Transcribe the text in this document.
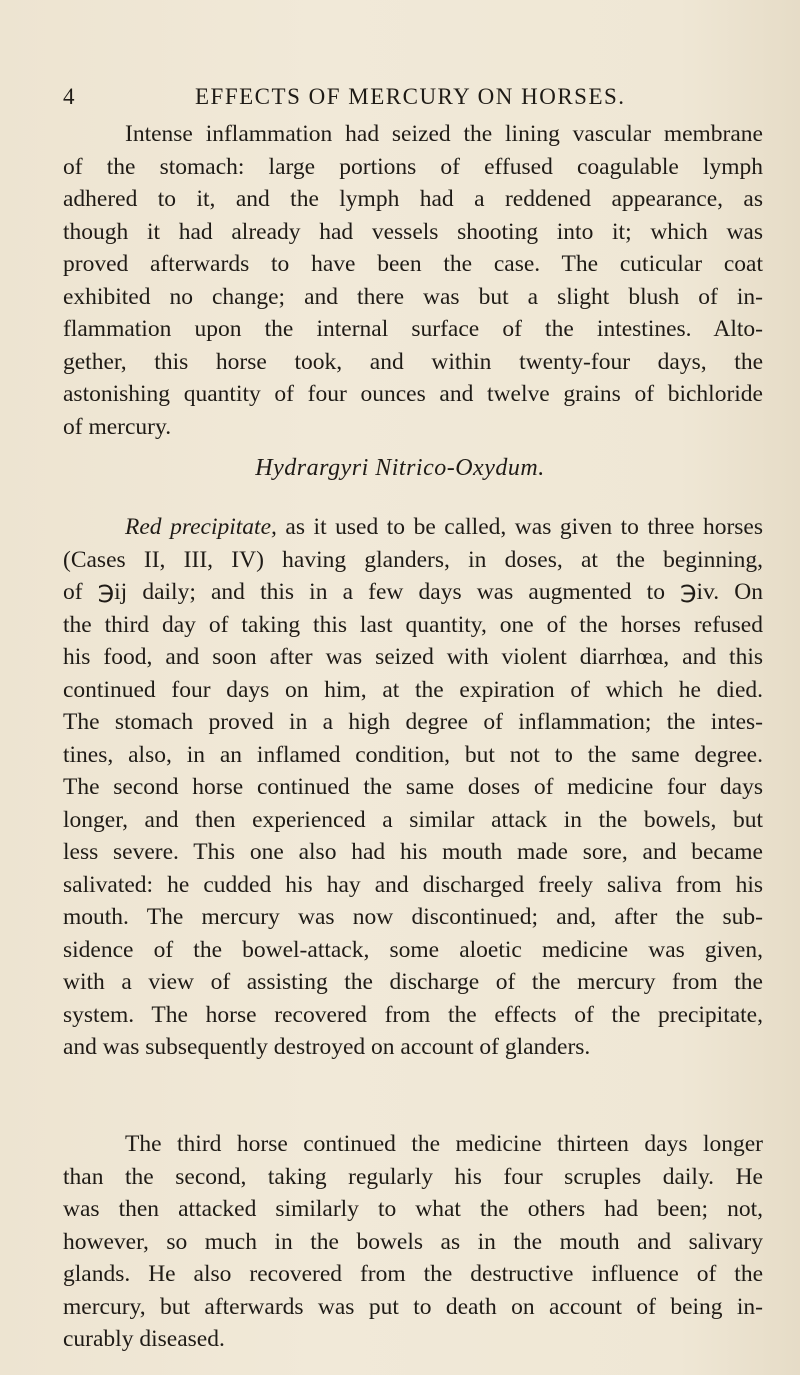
4	EFFECTS OF MERCURY ON HORSES.
Intense inflammation had seized the lining vascular membrane
of the stomach: large portions of effused coagulable lymph
adhered to it, and the lymph had a reddened appearance, as
though it had already had vessels shooting into it; which was
proved afterwards to have been the case. The cuticular coat
exhibited no change; and there was but a slight blush of in-
flammation upon the internal surface of the intestines. Alto-
gether, this horse took, and within twenty-four days, the
astonishing quantity of four ounces and twelve grains of bichloride
of mercury.
Hydrargyri Nitrico-Oxydum.
Red precipitate, as it used to be called, was given to three horses
(Cases II, III, IV) having glanders, in doses, at the beginning,
of ℈ij daily; and this in a few days was augmented to ℈iv. On
the third day of taking this last quantity, one of the horses refused
his food, and soon after was seized with violent diarrhœa, and this
continued four days on him, at the expiration of which he died.
The stomach proved in a high degree of inflammation; the intes-
tines, also, in an inflamed condition, but not to the same degree.
The second horse continued the same doses of medicine four days
longer, and then experienced a similar attack in the bowels, but
less severe. This one also had his mouth made sore, and became
salivated: he cudded his hay and discharged freely saliva from his
mouth. The mercury was now discontinued; and, after the sub-
sidence of the bowel-attack, some aloetic medicine was given,
with a view of assisting the discharge of the mercury from the
system. The horse recovered from the effects of the precipitate,
and was subsequently destroyed on account of glanders.
The third horse continued the medicine thirteen days longer
than the second, taking regularly his four scruples daily. He
was then attacked similarly to what the others had been; not,
however, so much in the bowels as in the mouth and salivary
glands. He also recovered from the destructive influence of the
mercury, but afterwards was put to death on account of being in-
curably diseased.
